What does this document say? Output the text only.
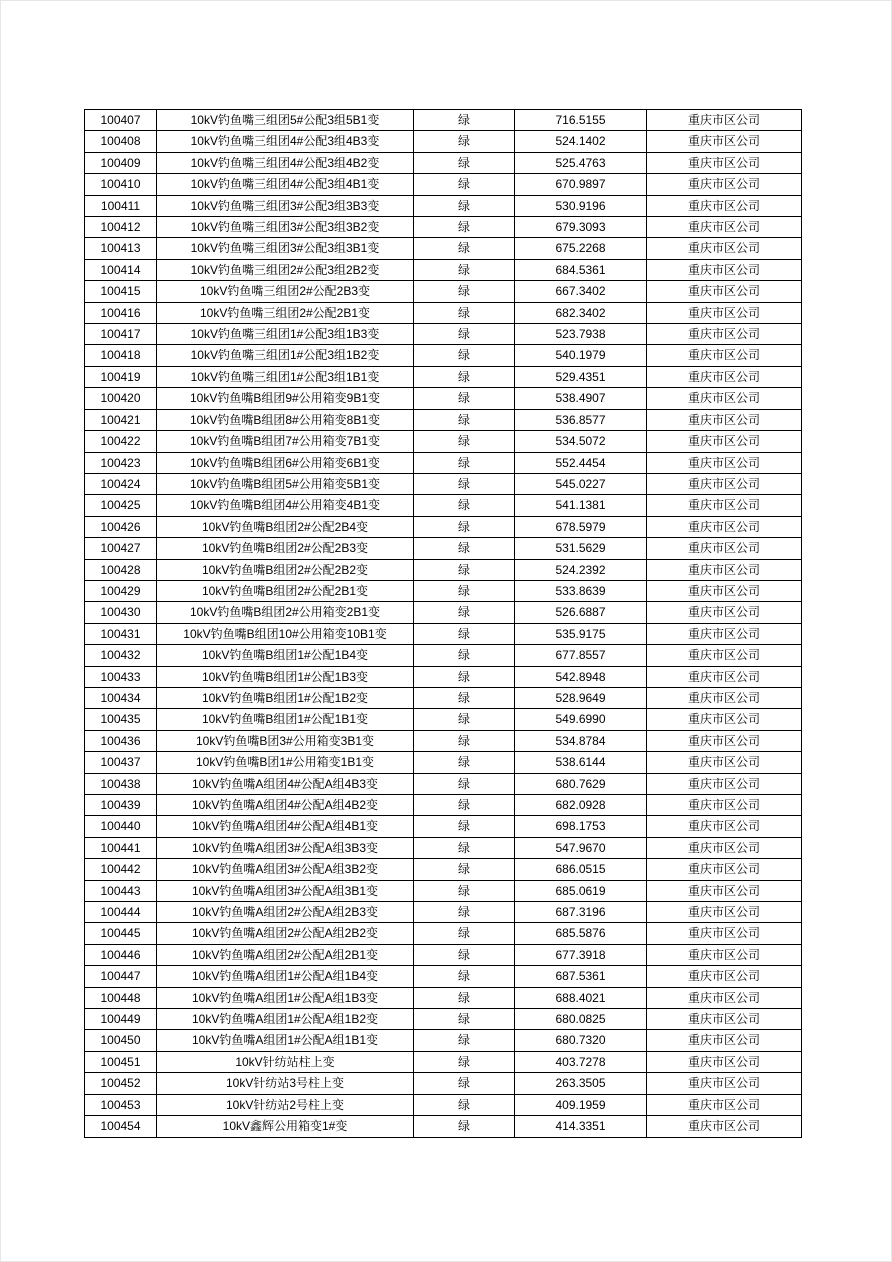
100407	10kV钓鱼嘴三组团5#公配3组5B1变	绿	716.5155	重庆市区公司
100408	10kV钓鱼嘴三组团4#公配3组4B3变	绿	524.1402	重庆市区公司
100409	10kV钓鱼嘴三组团4#公配3组4B2变	绿	525.4763	重庆市区公司
100410	10kV钓鱼嘴三组团4#公配3组4B1变	绿	670.9897	重庆市区公司
100411	10kV钓鱼嘴三组团3#公配3组3B3变	绿	530.9196	重庆市区公司
100412	10kV钓鱼嘴三组团3#公配3组3B2变	绿	679.3093	重庆市区公司
100413	10kV钓鱼嘴三组团3#公配3组3B1变	绿	675.2268	重庆市区公司
100414	10kV钓鱼嘴三组团2#公配3组2B2变	绿	684.5361	重庆市区公司
100415	10kV钓鱼嘴三组团2#公配2B3变	绿	667.3402	重庆市区公司
100416	10kV钓鱼嘴三组团2#公配2B1变	绿	682.3402	重庆市区公司
100417	10kV钓鱼嘴三组团1#公配3组1B3变	绿	523.7938	重庆市区公司
100418	10kV钓鱼嘴三组团1#公配3组1B2变	绿	540.1979	重庆市区公司
100419	10kV钓鱼嘴三组团1#公配3组1B1变	绿	529.4351	重庆市区公司
100420	10kV钓鱼嘴B组团9#公用箱变9B1变	绿	538.4907	重庆市区公司
100421	10kV钓鱼嘴B组团8#公用箱变8B1变	绿	536.8577	重庆市区公司
100422	10kV钓鱼嘴B组团7#公用箱变7B1变	绿	534.5072	重庆市区公司
100423	10kV钓鱼嘴B组团6#公用箱变6B1变	绿	552.4454	重庆市区公司
100424	10kV钓鱼嘴B组团5#公用箱变5B1变	绿	545.0227	重庆市区公司
100425	10kV钓鱼嘴B组团4#公用箱变4B1变	绿	541.1381	重庆市区公司
100426	10kV钓鱼嘴B组团2#公配2B4变	绿	678.5979	重庆市区公司
100427	10kV钓鱼嘴B组团2#公配2B3变	绿	531.5629	重庆市区公司
100428	10kV钓鱼嘴B组团2#公配2B2变	绿	524.2392	重庆市区公司
100429	10kV钓鱼嘴B组团2#公配2B1变	绿	533.8639	重庆市区公司
100430	10kV钓鱼嘴B组团2#公用箱变2B1变	绿	526.6887	重庆市区公司
100431	10kV钓鱼嘴B组团10#公用箱变10B1变	绿	535.9175	重庆市区公司
100432	10kV钓鱼嘴B组团1#公配1B4变	绿	677.8557	重庆市区公司
100433	10kV钓鱼嘴B组团1#公配1B3变	绿	542.8948	重庆市区公司
100434	10kV钓鱼嘴B组团1#公配1B2变	绿	528.9649	重庆市区公司
100435	10kV钓鱼嘴B组团1#公配1B1变	绿	549.6990	重庆市区公司
100436	10kV钓鱼嘴B团3#公用箱变3B1变	绿	534.8784	重庆市区公司
100437	10kV钓鱼嘴B团1#公用箱变1B1变	绿	538.6144	重庆市区公司
100438	10kV钓鱼嘴A组团4#公配A组4B3变	绿	680.7629	重庆市区公司
100439	10kV钓鱼嘴A组团4#公配A组4B2变	绿	682.0928	重庆市区公司
100440	10kV钓鱼嘴A组团4#公配A组4B1变	绿	698.1753	重庆市区公司
100441	10kV钓鱼嘴A组团3#公配A组3B3变	绿	547.9670	重庆市区公司
100442	10kV钓鱼嘴A组团3#公配A组3B2变	绿	686.0515	重庆市区公司
100443	10kV钓鱼嘴A组团3#公配A组3B1变	绿	685.0619	重庆市区公司
100444	10kV钓鱼嘴A组团2#公配A组2B3变	绿	687.3196	重庆市区公司
100445	10kV钓鱼嘴A组团2#公配A组2B2变	绿	685.5876	重庆市区公司
100446	10kV钓鱼嘴A组团2#公配A组2B1变	绿	677.3918	重庆市区公司
100447	10kV钓鱼嘴A组团1#公配A组1B4变	绿	687.5361	重庆市区公司
100448	10kV钓鱼嘴A组团1#公配A组1B3变	绿	688.4021	重庆市区公司
100449	10kV钓鱼嘴A组团1#公配A组1B2变	绿	680.0825	重庆市区公司
100450	10kV钓鱼嘴A组团1#公配A组1B1变	绿	680.7320	重庆市区公司
100451	10kV针纺站柱上变	绿	403.7278	重庆市区公司
100452	10kV针纺站3号柱上变	绿	263.3505	重庆市区公司
100453	10kV针纺站2号柱上变	绿	409.1959	重庆市区公司
100454	10kV鑫辉公用箱变1#变	绿	414.3351	重庆市区公司
